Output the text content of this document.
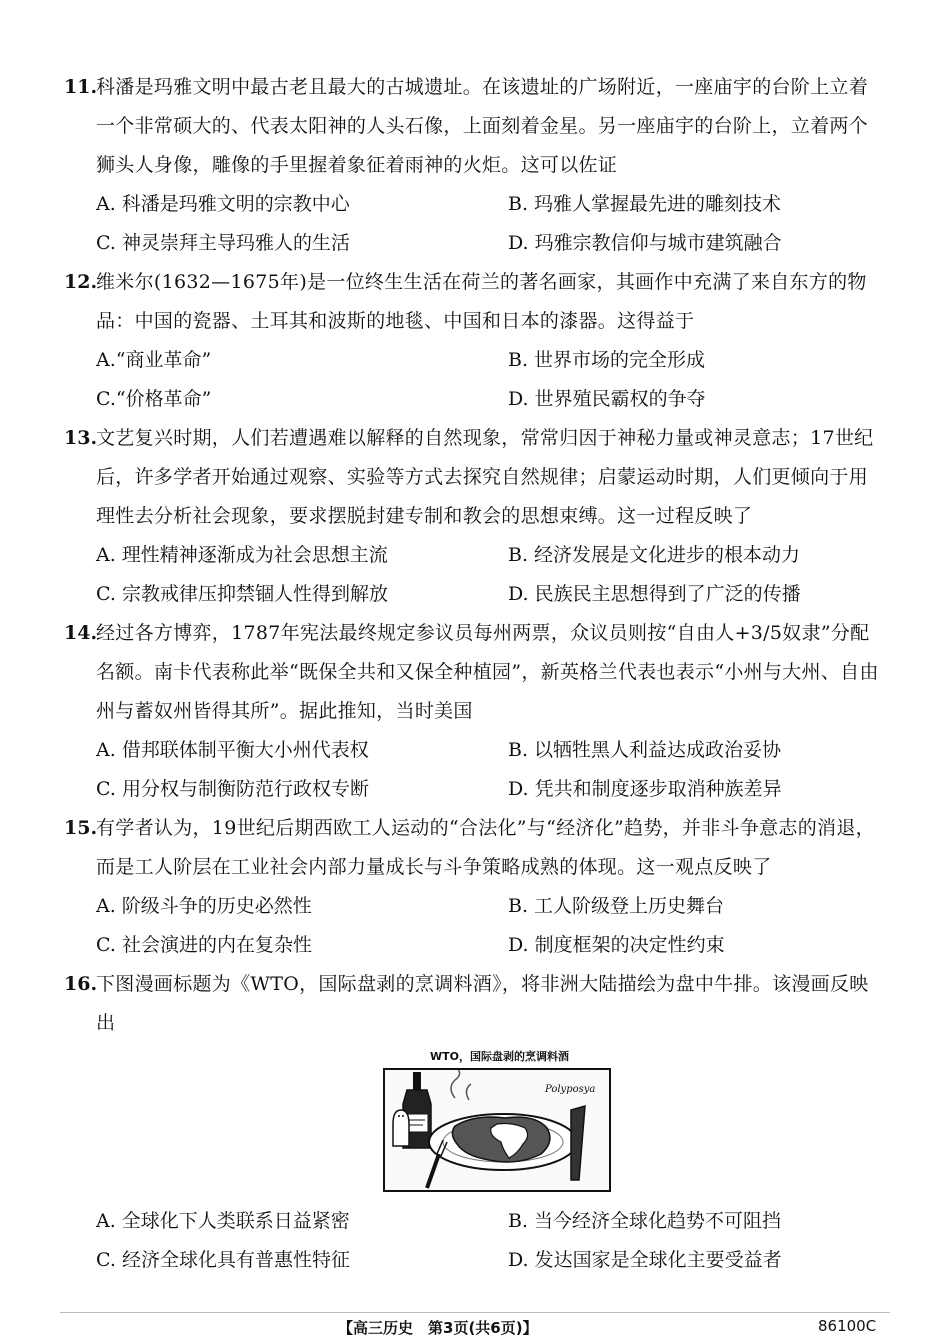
11.
科潘是玛雅文明中最古老且最大的古城遗址。在该遗址的广场附近，一座庙宇的台阶上立着一个非常硕大的、代表太阳神的人头石像，上面刻着金星。另一座庙宇的台阶上，立着两个狮头人身像，雕像的手里握着象征着雨神的火炬。这可以佐证
A. 科潘是玛雅文明的宗教中心	B. 玛雅人掌握最先进的雕刻技术
C. 神灵崇拜主导玛雅人的生活	D. 玛雅宗教信仰与城市建筑融合
12.
维米尔(1632—1675年)是一位终生生活在荷兰的著名画家，其画作中充满了来自东方的物品：中国的瓷器、土耳其和波斯的地毯、中国和日本的漆器。这得益于
A.“商业革命”	B. 世界市场的完全形成
C.“价格革命”	D. 世界殖民霸权的争夺
13.
文艺复兴时期，人们若遭遇难以解释的自然现象，常常归因于神秘力量或神灵意志；17世纪后，许多学者开始通过观察、实验等方式去探究自然规律；启蒙运动时期，人们更倾向于用理性去分析社会现象，要求摆脱封建专制和教会的思想束缚。这一过程反映了
A. 理性精神逐渐成为社会思想主流	B. 经济发展是文化进步的根本动力
C. 宗教戒律压抑禁锢人性得到解放	D. 民族民主思想得到了广泛的传播
14.
经过各方博弈，1787年宪法最终规定参议员每州两票，众议员则按“自由人+3/5奴隶”分配名额。南卡代表称此举“既保全共和又保全种植园”，新英格兰代表也表示“小州与大州、自由州与蓄奴州皆得其所”。据此推知，当时美国
A. 借邦联体制平衡大小州代表权	B. 以牺牲黑人利益达成政治妥协
C. 用分权与制衡防范行政权专断	D. 凭共和制度逐步取消种族差异
15.
有学者认为，19世纪后期西欧工人运动的“合法化”与“经济化”趋势，并非斗争意志的消退，而是工人阶层在工业社会内部力量成长与斗争策略成熟的体现。这一观点反映了
A. 阶级斗争的历史必然性	B. 工人阶级登上历史舞台
C. 社会演进的内在复杂性	D. 制度框架的决定性约束
16.
下图漫画标题为《WTO，国际盘剥的烹调料酒》，将非洲大陆描绘为盘中牛排。该漫画反映出
WTO，国际盘剥的烹调料酒
Polyposya
A. 全球化下人类联系日益紧密	B. 当今经济全球化趋势不可阻挡
C. 经济全球化具有普惠性特征	D. 发达国家是全球化主要受益者
【高三历史　第3页(共6页)】	86100C
